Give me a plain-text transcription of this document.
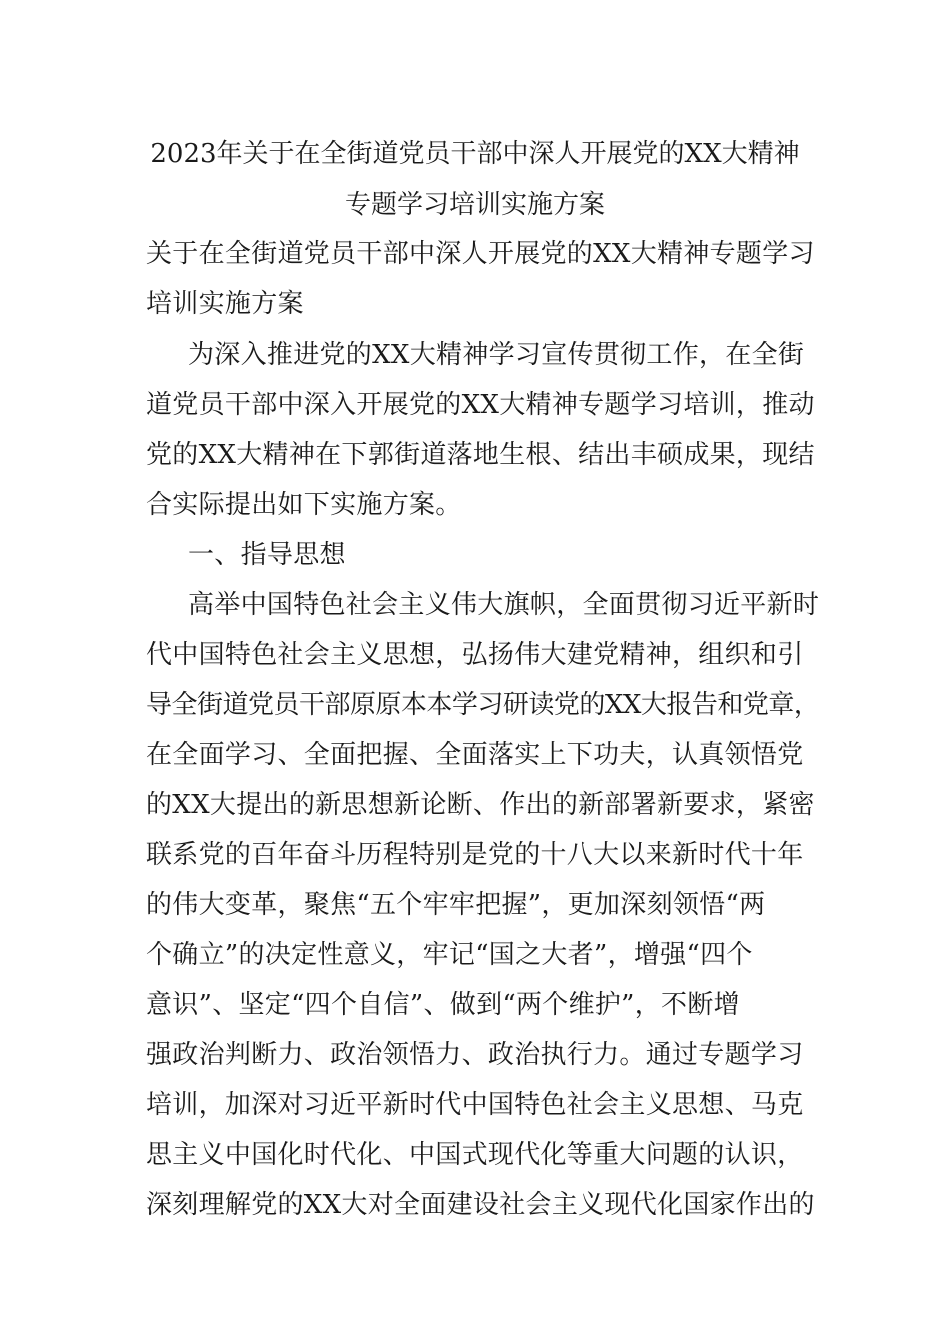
2023年关于在全街道党员干部中深人开展党的XX大精神
专题学习培训实施方案
关于在全街道党员干部中深人开展党的XX大精神专题学习
培训实施方案
为深入推进党的XX大精神学习宣传贯彻工作，在全街
道党员干部中深入开展党的XX大精神专题学习培训，推动
党的XX大精神在下郭街道落地生根、结出丰硕成果，现结
合实际提出如下实施方案。
一、指导思想
高举中国特色社会主义伟大旗帜，全面贯彻习近平新时
代中国特色社会主义思想，弘扬伟大建党精神，组织和引
导全街道党员干部原原本本学习研读党的XX大报告和党章，
在全面学习、全面把握、全面落实上下功夫，认真领悟党
的XX大提出的新思想新论断、作出的新部署新要求，紧密
联系党的百年奋斗历程特别是党的十八大以来新时代十年
的伟大变革，聚焦“五个牢牢把握”，更加深刻领悟“两
个确立”的决定性意义，牢记“国之大者”，增强“四个
意识”、坚定“四个自信”、做到“两个维护”，不断增
强政治判断力、政治领悟力、政治执行力。通过专题学习
培训，加深对习近平新时代中国特色社会主义思想、马克
思主义中国化时代化、中国式现代化等重大问题的认识，
深刻理解党的XX大对全面建设社会主义现代化国家作出的
